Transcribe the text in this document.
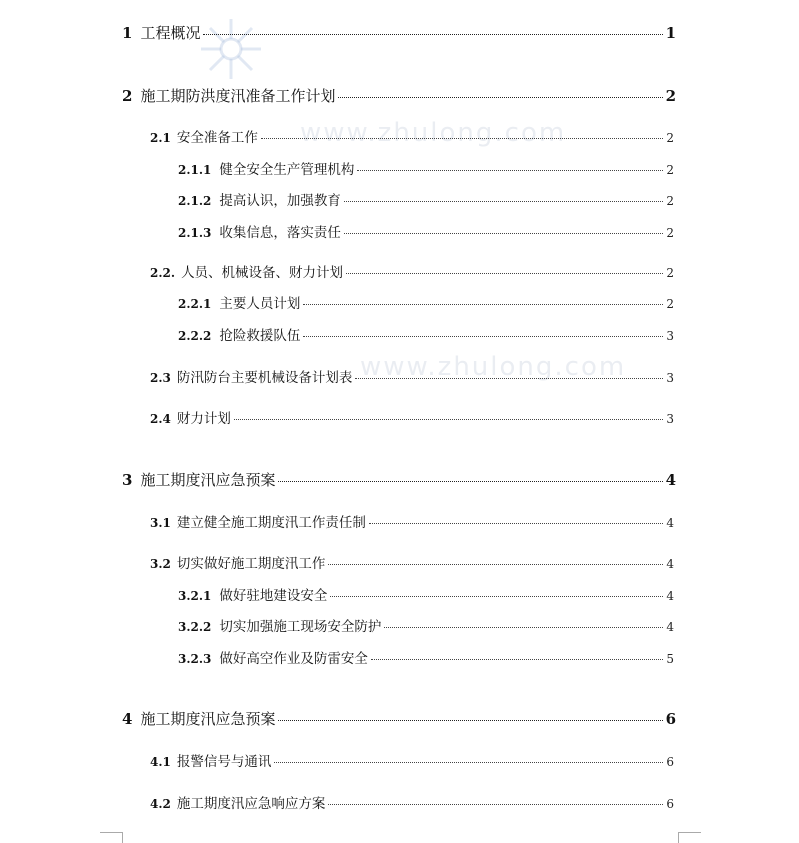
www.zhulong.com
www.zhulong.com
1 工程概况	1
2 施工期防洪度汛准备工作计划	2
2.1 安全准备工作	2
2.1.1 健全安全生产管理机构	2
2.1.2 提高认识，加强教育	2
2.1.3 收集信息，落实责任	2
2.2. 人员、机械设备、财力计划	2
2.2.1 主要人员计划	2
2.2.2 抢险救援队伍	3
2.3 防汛防台主要机械设备计划表	3
2.4 财力计划	3
3 施工期度汛应急预案	4
3.1 建立健全施工期度汛工作责任制	4
3.2 切实做好施工期度汛工作	4
3.2.1 做好驻地建设安全	4
3.2.2 切实加强施工现场安全防护	4
3.2.3 做好高空作业及防雷安全	5
4 施工期度汛应急预案	6
4.1 报警信号与通讯	6
4.2 施工期度汛应急响应方案	6
